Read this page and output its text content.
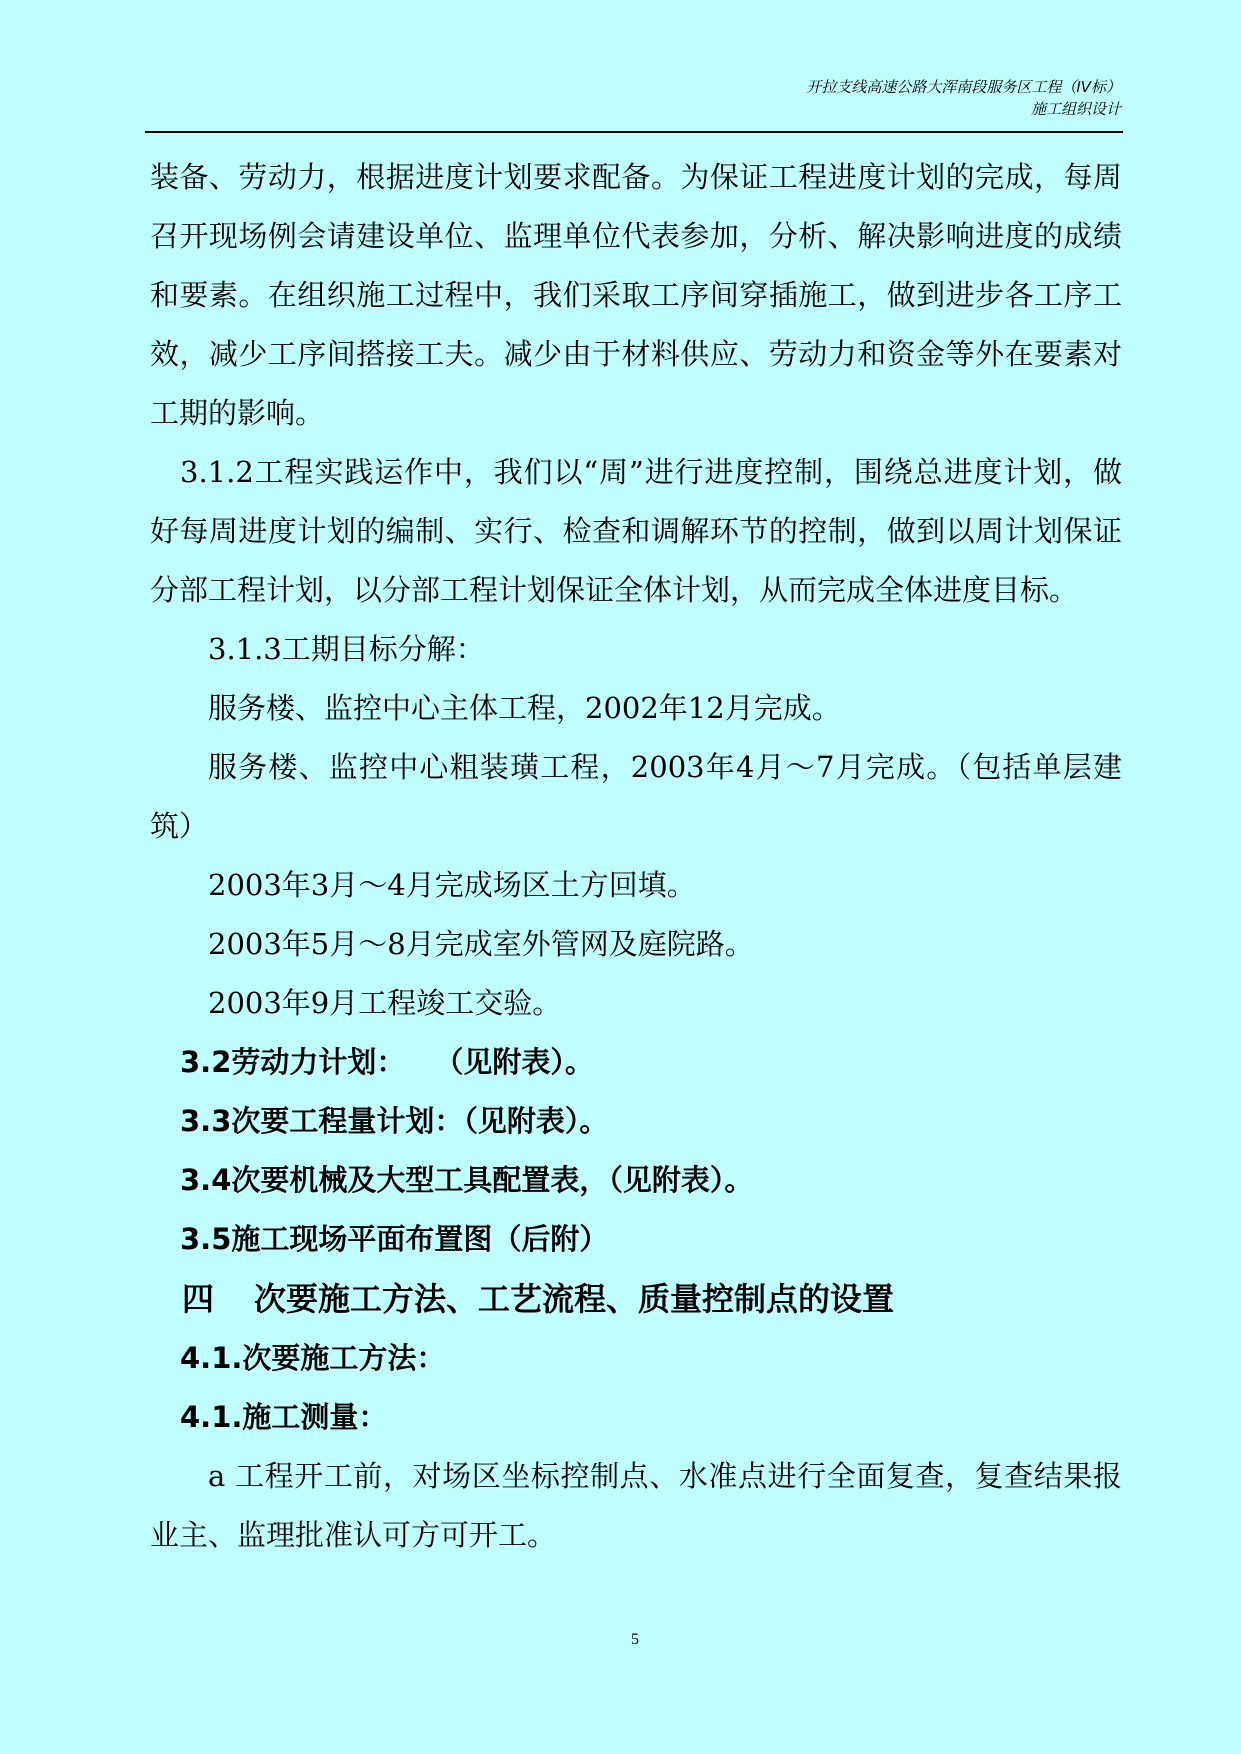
开拉支线高速公路大浑南段服务区工程（IV标）
施工组织设计

装备、劳动力，根据进度计划要求配备。为保证工程进度计划的完成，每周召开现场例会请建设单位、监理单位代表参加，分析、解决影响进度的成绩和要素。在组织施工过程中，我们采取工序间穿插施工，做到进步各工序工效，减少工序间搭接工夫。减少由于材料供应、劳动力和资金等外在要素对工期的影响。

3.1.2工程实践运作中，我们以“周”进行进度控制，围绕总进度计划，做好每周进度计划的编制、实行、检查和调解环节的控制，做到以周计划保证分部工程计划，以分部工程计划保证全体计划，从而完成全体进度目标。

3.1.3工期目标分解：

服务楼、监控中心主体工程，2002年12月完成。

服务楼、监控中心粗装璜工程，2003年4月～7月完成。（包括单层建筑）

2003年3月～4月完成场区土方回填。

2003年5月～8月完成室外管网及庭院路。

2003年9月工程竣工交验。

3.2劳动力计划：　　（见附表）。

3.3次要工程量计划：（见附表）。

3.4次要机械及大型工具配置表，（见附表）。

3.5施工现场平面布置图（后附）

四 次要施工方法、工艺流程、质量控制点的设置

4.1.次要施工方法：

4.1.施工测量：

a 工程开工前，对场区坐标控制点、水准点进行全面复查，复查结果报业主、监理批准认可方可开工。

5
